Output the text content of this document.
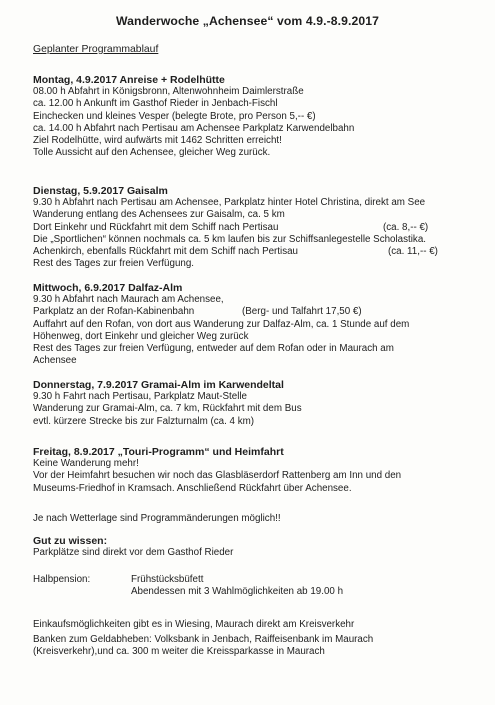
Wanderwoche „Achensee“ vom 4.9.-8.9.2017
Geplanter Programmablauf
Montag, 4.9.2017 Anreise + Rodelhütte
08.00 h Abfahrt in Königsbronn, Altenwohnheim Daimlerstraße
ca. 12.00 h Ankunft im Gasthof Rieder in Jenbach-Fischl
Einchecken und kleines Vesper (belegte Brote, pro Person 5,-- €)
ca. 14.00 h Abfahrt nach Pertisau am Achensee Parkplatz Karwendelbahn
Ziel Rodelhütte, wird aufwärts mit 1462 Schritten erreicht!
Tolle Aussicht auf den Achensee, gleicher Weg zurück.
Dienstag, 5.9.2017 Gaisalm
9.30 h Abfahrt nach Pertisau am Achensee, Parkplatz hinter Hotel Christina, direkt am See
Wanderung entlang des Achensees zur Gaisalm, ca. 5 km
Dort Einkehr und Rückfahrt mit dem Schiff nach Pertisau	(ca. 8,-- €)
Die „Sportlichen“ können nochmals ca. 5 km laufen bis zur Schiffsanlegestelle Scholastika.
Achenkirch, ebenfalls Rückfahrt mit dem Schiff nach Pertisau	(ca. 11,-- €)
Rest des Tages zur freien Verfügung.
Mittwoch, 6.9.2017 Dalfaz-Alm
9.30 h Abfahrt nach Maurach am Achensee,
Parkplatz an der Rofan-Kabinenbahn	(Berg- und Talfahrt 17,50 €)
Auffahrt auf den Rofan, von dort aus Wanderung zur Dalfaz-Alm, ca. 1 Stunde auf dem
Höhenweg, dort Einkehr und gleicher Weg zurück
Rest des Tages zur freien Verfügung, entweder auf dem Rofan oder in Maurach am
Achensee
Donnerstag, 7.9.2017 Gramai-Alm im Karwendeltal
9.30 h Fahrt nach Pertisau, Parkplatz Maut-Stelle
Wanderung zur Gramai-Alm, ca. 7 km, Rückfahrt mit dem Bus
evtl. kürzere Strecke bis zur Falzturnalm (ca. 4 km)
Freitag, 8.9.2017 „Touri-Programm“ und Heimfahrt
Keine Wanderung mehr!
Vor der Heimfahrt besuchen wir noch das Glasbläserdorf Rattenberg am Inn und den
Museums-Friedhof in Kramsach. Anschließend Rückfahrt über Achensee.
Je nach Wetterlage sind Programmänderungen möglich!!
Gut zu wissen:
Parkplätze sind direkt vor dem Gasthof Rieder
Halbpension:	Frühstücksbüfett
Abendessen mit 3 Wahlmöglichkeiten ab 19.00 h
Einkaufsmöglichkeiten gibt es in Wiesing, Maurach direkt am Kreisverkehr
Banken zum Geldabheben: Volksbank in Jenbach, Raiffeisenbank im Maurach
(Kreisverkehr),und ca. 300 m weiter die Kreissparkasse in Maurach
